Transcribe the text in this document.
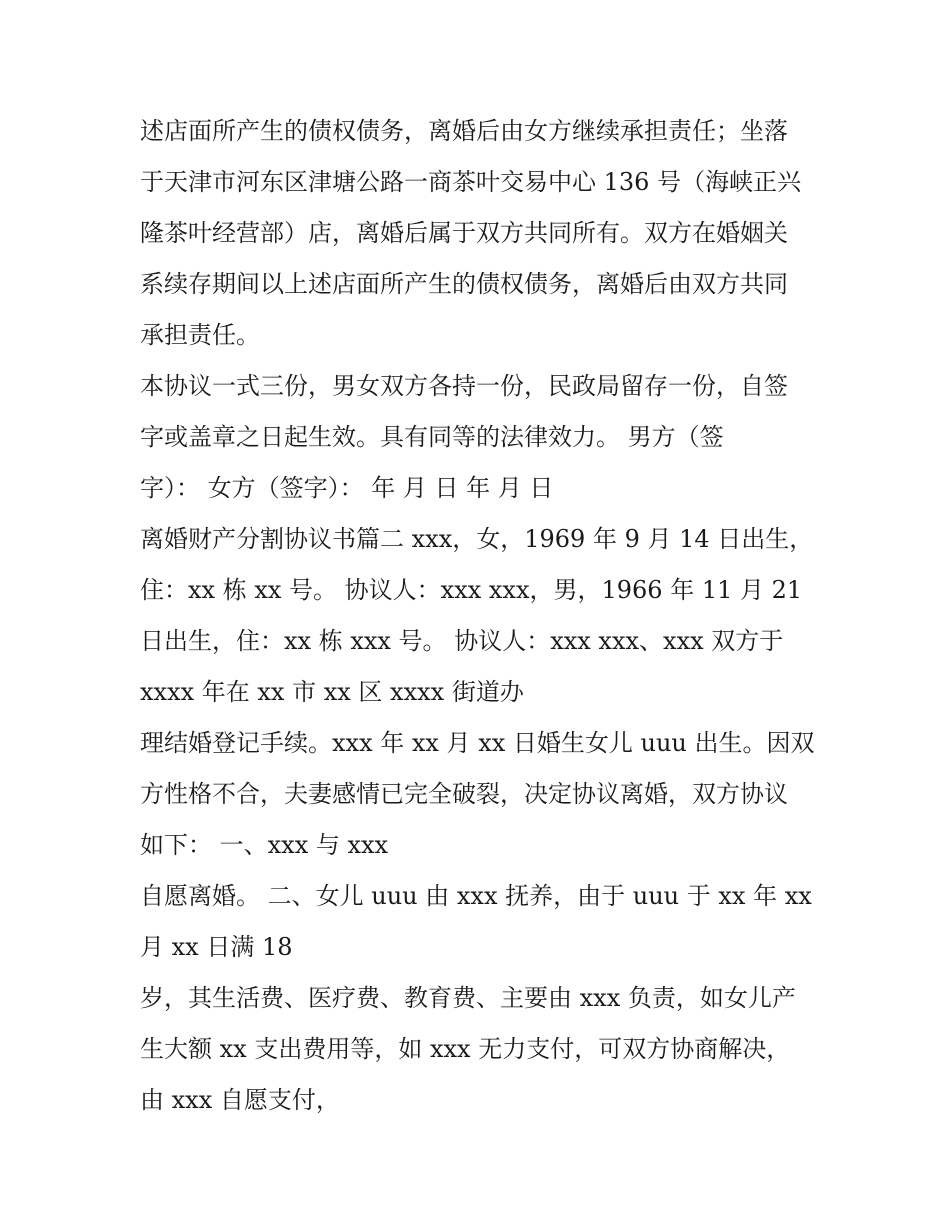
述店面所产生的债权债务，离婚后由女方继续承担责任；坐落
于天津市河东区津塘公路一商茶叶交易中心 136 号（海峡正兴
隆茶叶经营部）店，离婚后属于双方共同所有。双方在婚姻关
系续存期间以上述店面所产生的债权债务，离婚后由双方共同
承担责任。
本协议一式三份，男女双方各持一份，民政局留存一份，自签
字或盖章之日起生效。具有同等的法律效力。 男方（签
字）： 女方（签字）： 年 月 日 年 月 日
离婚财产分割协议书篇二 xxx，女，1969 年 9 月 14 日出生，
住：xx 栋 xx 号。 协议人：xxx xxx，男，1966 年 11 月 21
日出生，住：xx 栋 xxx 号。 协议人：xxx xxx、xxx 双方于
xxxx 年在 xx 市 xx 区 xxxx 街道办
理结婚登记手续。xxx 年 xx 月 xx 日婚生女儿 uuu 出生。因双
方性格不合，夫妻感情已完全破裂，决定协议离婚，双方协议
如下： 一、xxx 与 xxx
自愿离婚。 二、女儿 uuu 由 xxx 抚养，由于 uuu 于 xx 年 xx
月 xx 日满 18
岁，其生活费、医疗费、教育费、主要由 xxx 负责，如女儿产
生大额 xx 支出费用等，如 xxx 无力支付，可双方协商解决，
由 xxx 自愿支付，
